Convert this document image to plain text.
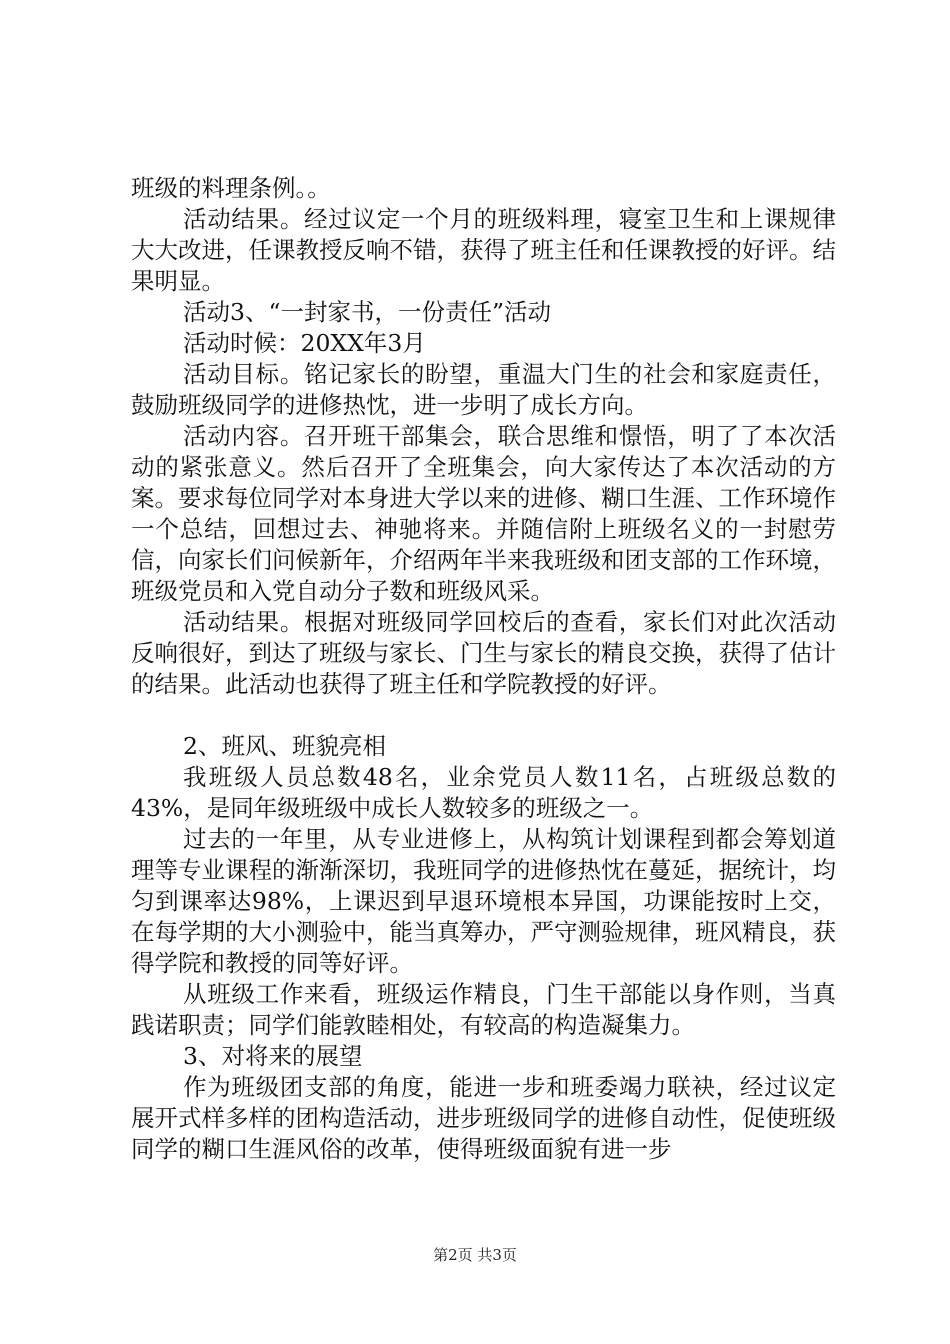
班级的料理条例。。

活动结果。经过议定一个月的班级料理，寝室卫生和上课规律大大改进，任课教授反响不错，获得了班主任和任课教授的好评。结果明显。

活动3、“一封家书，一份责任”活动

活动时候：20XX年3月

活动目标。铭记家长的盼望，重温大门生的社会和家庭责任，鼓励班级同学的进修热忱，进一步明了成长方向。

活动内容。召开班干部集会，联合思维和憬悟，明了了本次活动的紧张意义。然后召开了全班集会，向大家传达了本次活动的方案。要求每位同学对本身进大学以来的进修、糊口生涯、工作环境作一个总结，回想过去、神驰将来。并随信附上班级名义的一封慰劳信，向家长们问候新年，介绍两年半来我班级和团支部的工作环境，班级党员和入党自动分子数和班级风采。

活动结果。根据对班级同学回校后的查看，家长们对此次活动反响很好，到达了班级与家长、门生与家长的精良交换，获得了估计的结果。此活动也获得了班主任和学院教授的好评。

2、班风、班貌亮相

我班级人员总数48名，业余党员人数11名，占班级总数的43%，是同年级班级中成长人数较多的班级之一。

过去的一年里，从专业进修上，从构筑计划课程到都会筹划道理等专业课程的渐渐深切，我班同学的进修热忱在蔓延，据统计，均匀到课率达98%，上课迟到早退环境根本异国，功课能按时上交，在每学期的大小测验中，能当真筹办，严守测验规律，班风精良，获得学院和教授的同等好评。

从班级工作来看，班级运作精良，门生干部能以身作则，当真践诺职责；同学们能敦睦相处，有较高的构造凝集力。

3、对将来的展望

作为班级团支部的角度，能进一步和班委竭力联袂，经过议定展开式样多样的团构造活动，进步班级同学的进修自动性，促使班级同学的糊口生涯风俗的改革，使得班级面貌有进一步

第2页 共3页
